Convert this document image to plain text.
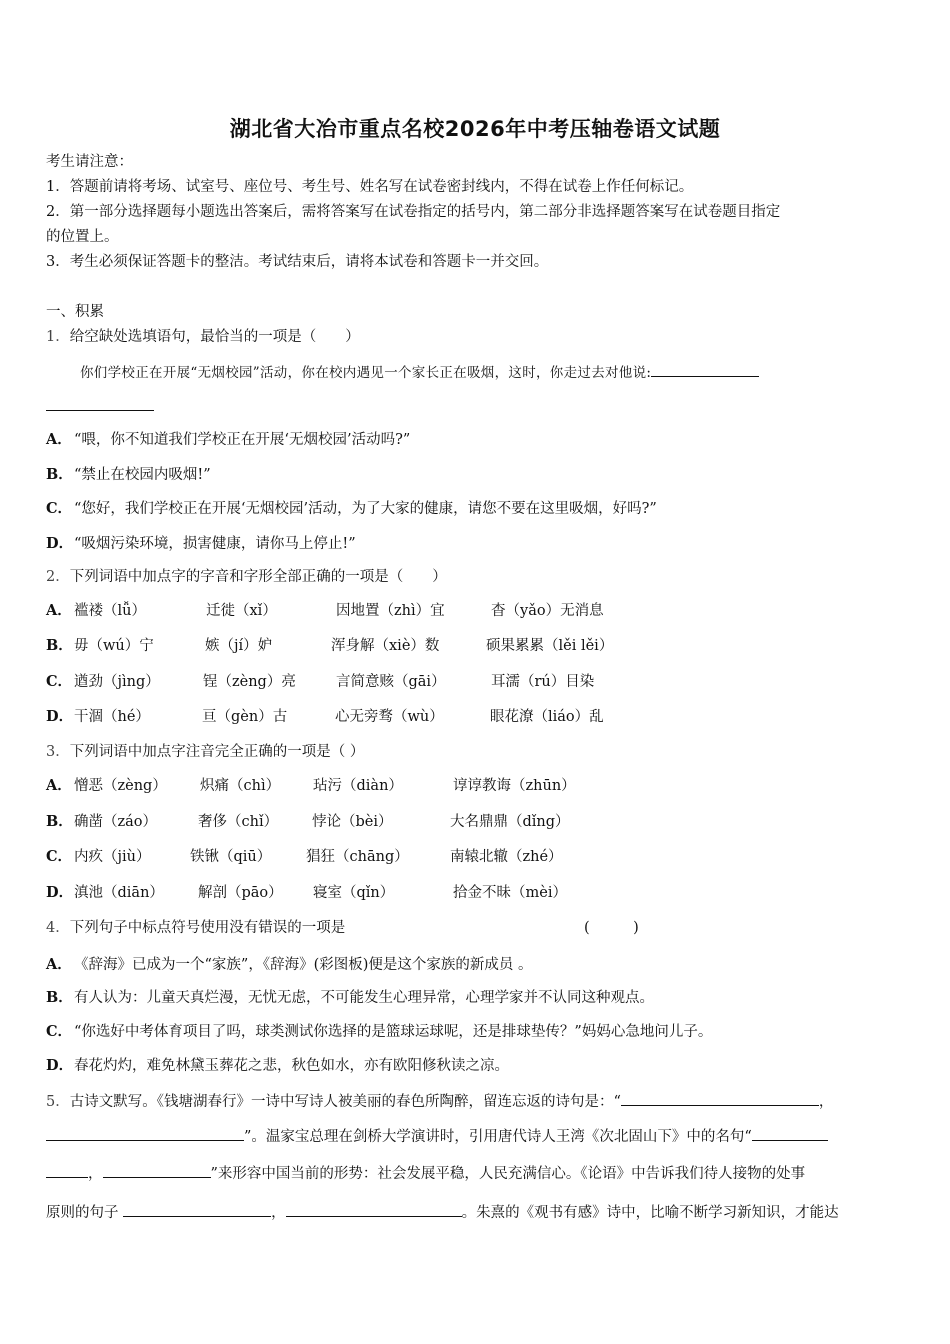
湖北省大冶市重点名校2026年中考压轴卷语文试题
考生请注意：
1．答题前请将考场、试室号、座位号、考生号、姓名写在试卷密封线内，不得在试卷上作任何标记。
2．第一部分选择题每小题选出答案后，需将答案写在试卷指定的括号内，第二部分非选择题答案写在试卷题目指定
的位置上。
3．考生必须保证答题卡的整洁。考试结束后，请将本试卷和答题卡一并交回。
一、积累
1．给空缺处选填语句，最恰当的一项是（　　）
你们学校正在开展“无烟校园”活动，你在校内遇见一个家长正在吸烟，这时，你走过去对他说:
A． “喂，你不知道我们学校正在开展‘无烟校园’活动吗?”
B．“禁止在校园内吸烟!”
C． “您好，我们学校正在开展‘无烟校园’活动，为了大家的健康，请您不要在这里吸烟，好吗?”
D．“吸烟污染环境，损害健康，请你马上停止!”
2．下列词语中加点字的字音和字形全部正确的一项是（　　）
A． 褴褛（lǚ）	迁徙（xǐ）	因地置（zhì）宜	杳（yǎo）无消息
B． 毋（wú）宁	嫉（jí）妒	浑身解（xiè）数	硕果累累（lěi lěi）
C． 遒劲（jìng）	锃（zèng）亮	言简意赅（gāi）	耳濡（rú）目染
D． 干涸（hé）	亘（gèn）古	心无旁骛（wù）	眼花潦（liáo）乱
3．下列词语中加点字注音完全正确的一项是（ ）
A． 憎恶（zèng） 炽痛（chì） 玷污（diàn）	谆谆教诲（zhūn）
B． 确凿（záo）	奢侈（chǐ） 悖论（bèi）	大名鼎鼎（dǐng）
C． 内疚（jiù）	铁锹（qiū） 猖狂（chāng）	南辕北辙（zhé）
D． 滇池（diān） 解剖（pāo） 寝室（qǐn）	拾金不昧（mèi）
4．下列句子中标点符号使用没有错误的一项是	(　　　)
A． 《辞海》已成为一个“家族”，《辞海》(彩图板)便是这个家族的新成员 。
B．有人认为：儿童天真烂漫，无忧无虑，不可能发生心理异常，心理学家并不认同这种观点。
C． “你选好中考体育项目了吗，球类测试你选择的是篮球运球呢，还是排球垫传？”妈妈心急地问儿子。
D．春花灼灼，难免林黛玉葬花之悲，秋色如水，亦有欧阳修秋读之凉。
5．古诗文默写。《钱塘湖春行》一诗中写诗人被美丽的春色所陶醉，留连忘返的诗句是：“	，
”。温家宝总理在剑桥大学演讲时，引用唐代诗人王湾《次北固山下》中的名句“
，	”来形容中国当前的形势：社会发展平稳，人民充满信心。《论语》中告诉我们待人接物的处事
原则的句子	，	。朱熹的《观书有感》诗中，比喻不断学习新知识，才能达
